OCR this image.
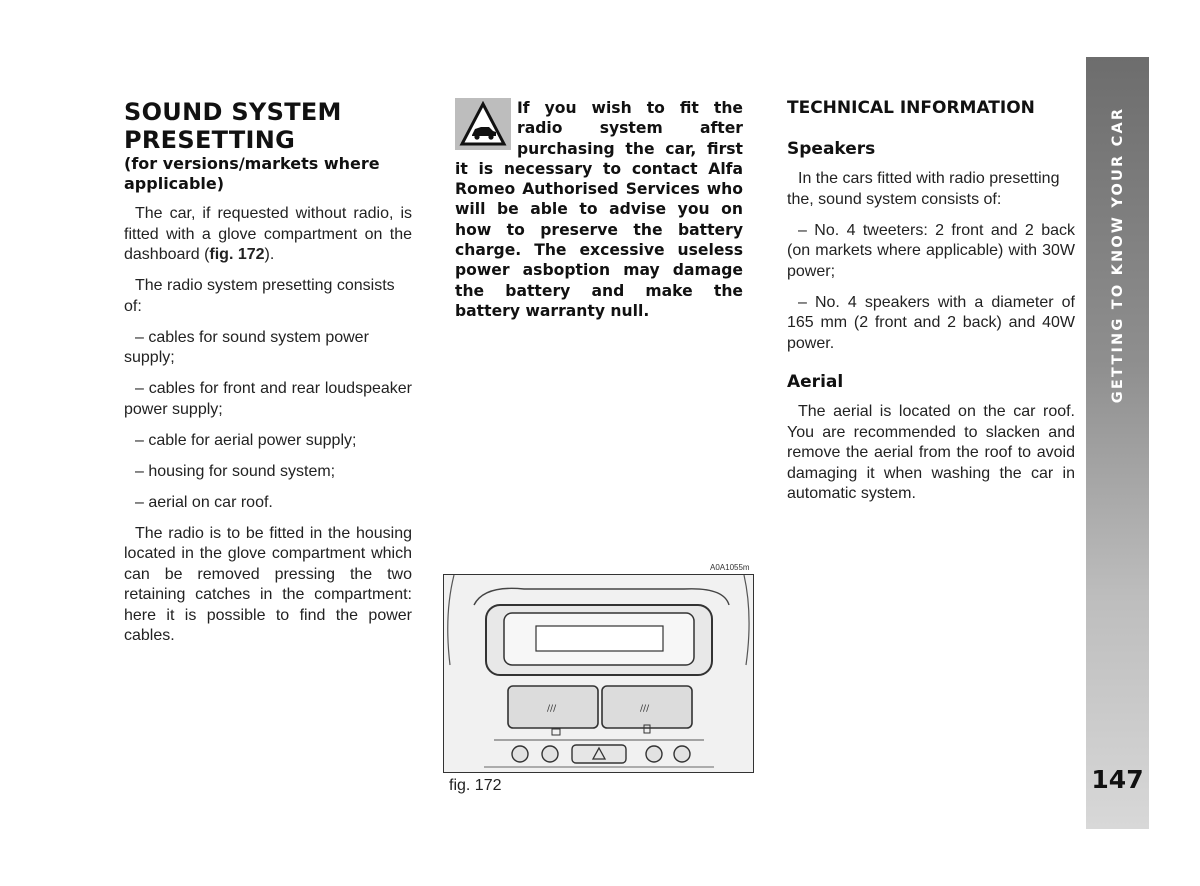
SOUND SYSTEM
PRESETTING
(for versions/markets where applicable)

The car, if requested without radio, is fitted with a glove compartment on the dashboard (fig. 172).

The radio system presetting consists of:

– cables for sound system power supply;

– cables for front and rear loudspeaker power supply;

– cable for aerial power supply;

– housing for sound system;

– aerial on car roof.

The radio is to be fitted in the housing located in the glove compartment which can be removed pressing the two retaining catches in the compartment: here it is possible to find the power cables.

If you wish to fit the radio system after purchasing the car, first it is necessary to contact Alfa Romeo Authorised Services who will be able to advise you on how to preserve the battery charge. The excessive useless power asboption may damage the battery and make the battery warranty null.

A0A1055m
///	///
fig. 172
TECHNICAL INFORMATION
Speakers

In the cars fitted with radio presetting the, sound system consists of:

– No. 4 tweeters: 2 front and 2 back (on markets where applicable) with 30W power;

– No. 4 speakers with a diameter of 165 mm (2 front and 2 back) and 40W power.

Aerial

The aerial is located on the car roof. You are recommended to slacken and remove the aerial from the roof to avoid damaging it when washing the car in automatic system.

GETTING TO KNOW YOUR CAR
147
